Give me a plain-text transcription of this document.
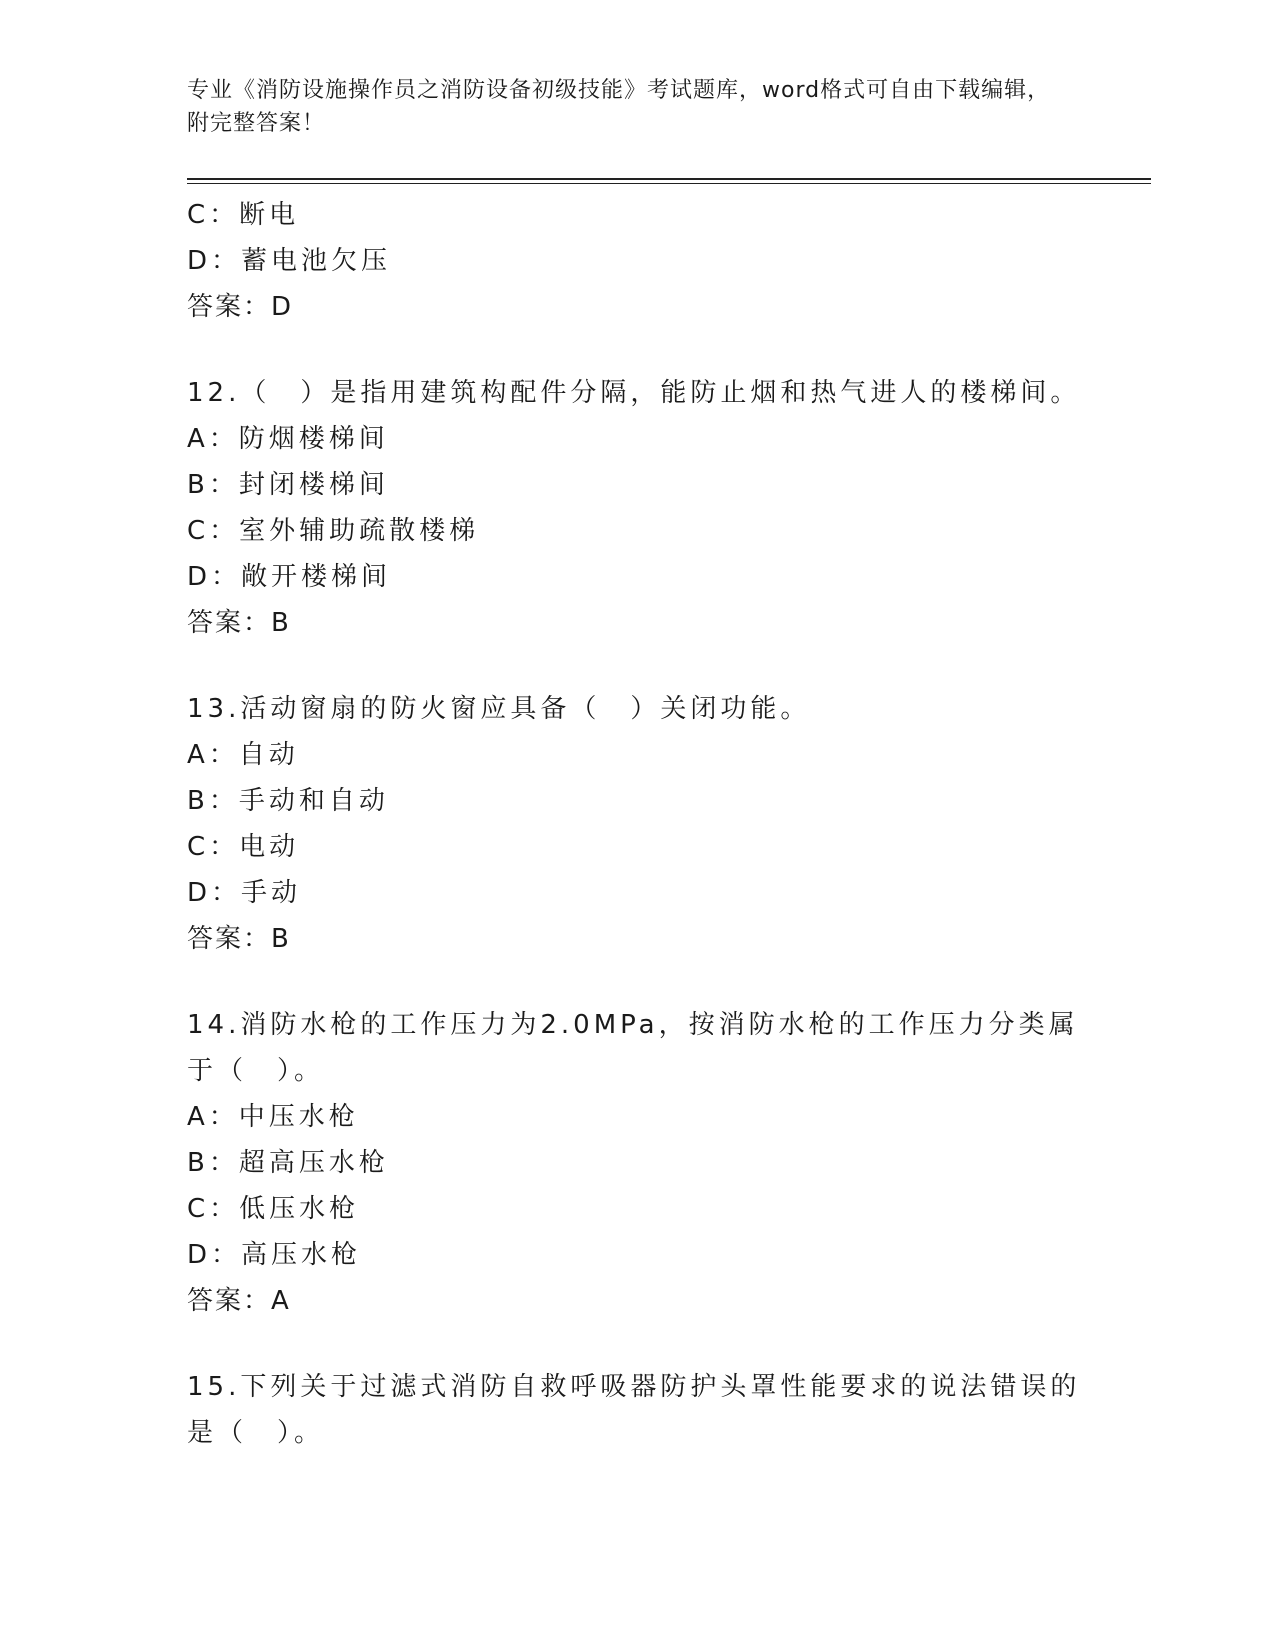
专业《消防设施操作员之消防设备初级技能》考试题库，word格式可自由下载编辑，附完整答案！
C：断电
D：蓄电池欠压
答案：D
12.（　）是指用建筑构配件分隔，能防止烟和热气进人的楼梯间。
A：防烟楼梯间
B：封闭楼梯间
C：室外辅助疏散楼梯
D：敞开楼梯间
答案：B
13.活动窗扇的防火窗应具备（　）关闭功能。
A：自动
B：手动和自动
C：电动
D：手动
答案：B
14.消防水枪的工作压力为2.0MPa，按消防水枪的工作压力分类属于（　）。
A：中压水枪
B：超高压水枪
C：低压水枪
D：高压水枪
答案：A
15.下列关于过滤式消防自救呼吸器防护头罩性能要求的说法错误的是（　）。
